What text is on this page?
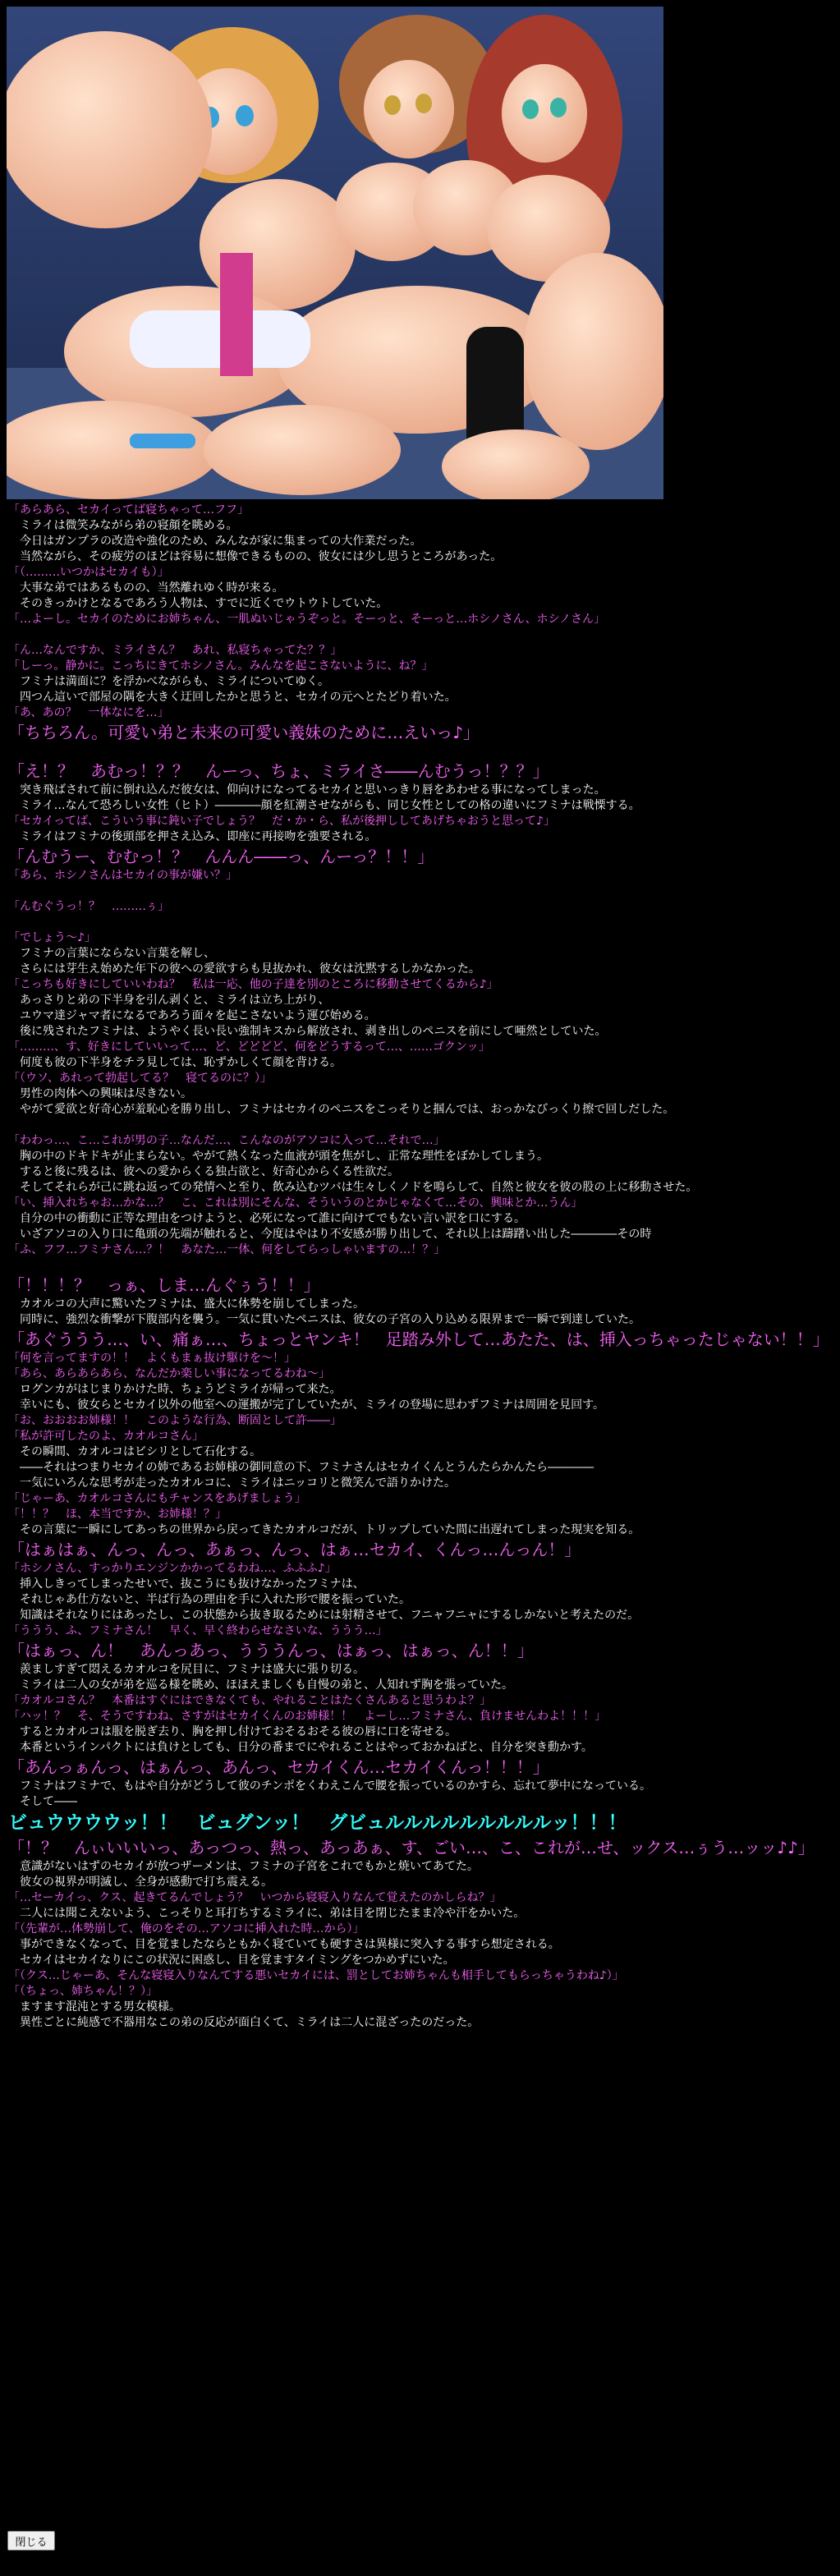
「あらあら、セカイってば寝ちゃって…フフ」
ミライは微笑みながら弟の寝顔を眺める。
今日はガンプラの改造や強化のため、みんなが家に集まっての大作業だった。
当然ながら、その疲労のほどは容易に想像できるものの、彼女には少し思うところがあった。
「（………いつかはセカイも）」
大事な弟ではあるものの、当然離れゆく時が来る。
そのきっかけとなるであろう人物は、すでに近くでウトウトしていた。
「…よーし。セカイのためにお姉ちゃん、一肌ぬいじゃうぞっと。そーっと、そーっと…ホシノさん、ホシノさん」
「ん…なんですか、ミライさん？　あれ、私寝ちゃってた？？」
「しーっ。静かに。こっちにきてホシノさん。みんなを起こさないように、ね？」
フミナは満面に？を浮かべながらも、ミライについてゆく。
四つん這いで部屋の隅を大きく迂回したかと思うと、セカイの元へとたどり着いた。
「あ、あの？　一体なにを…」
「ちちろん。可愛い弟と未来の可愛い義妹のために…えいっ♪」
「え！？　あむっ！？？　んーっ、ちょ、ミライさ――んむうっ！？？」
突き飛ばされて前に倒れ込んだ彼女は、仰向けになってるセカイと思いっきり唇をあわせる事になってしまった。
ミライ…なんて恐ろしい女性（ヒト）――――顔を紅潮させながらも、同じ女性としての格の違いにフミナは戦慄する。
「セカイってば、こういう事に鈍い子でしょう？　だ・か・ら、私が後押ししてあげちゃおうと思って♪」
ミライはフミナの後頭部を押さえ込み、即座に再接吻を強要される。
「んむうー、むむっ！？　んんん――っ、んーっ？！！」
「あら、ホシノさんはセカイの事が嫌い？」
「んむぐうっ！？　………ぅ」
「でしょう～♪」
フミナの言葉にならない言葉を解し、
さらには芽生え始めた年下の彼への愛欲すらも見抜かれ、彼女は沈黙するしかなかった。
「こっちも好きにしていいわね？　私は一応、他の子達を別のところに移動させてくるから♪」
あっさりと弟の下半身を引ん剥くと、ミライは立ち上がり、
ユウマ達ジャマ者になるであろう面々を起こさないよう運び始める。
後に残されたフミナは、ようやく長い長い強制キスから解放され、剥き出しのペニスを前にして唖然としていた。
「………、す、好きにしていいって…、ど、どどどど、何をどうするって…、……ゴクンッ」
何度も彼の下半身をチラ見しては、恥ずかしくて顔を背ける。
「（ウソ、あれって勃起してる？　寝てるのに？）」
男性の肉体への興味は尽きない。
やがて愛欲と好奇心が羞恥心を勝り出し、フミナはセカイのペニスをこっそりと掴んでは、おっかなびっくり擦で回しだした。
「わわっ…、こ…これが男の子…なんだ…、こんなのがアソコに入って…それで…」
胸の中のドキドキが止まらない。やがて熱くなった血液が頭を焦がし、正常な理性をぼかしてしまう。
すると後に残るは、彼への愛からくる独占欲と、好奇心からくる性欲だ。
そしてそれらが己に跳ね返っての発情へと至り、飲み込むツバは生々しくノドを鳴らして、自然と彼女を彼の股の上に移動させた。
「い、挿入れちゃお…かな…？　こ、これは別にそんな、そういうのとかじゃなくて…その、興味とか…うん」
自分の中の衝動に正等な理由をつけようと、必死になって誰に向けてでもない言い訳を口にする。
いざアソコの入り口に亀頭の先端が触れると、今度はやはり不安感が勝り出して、それ以上は躊躇い出した――――その時
「ふ、フフ…フミナさん…？！　あなた…一体、何をしてらっしゃいますの…！？」
「！！！？　っぁ、しま…んぐぅう！！」
カオルコの大声に驚いたフミナは、盛大に体勢を崩してしまった。
同時に、強烈な衝撃が下腹部内を襲う。一気に貫いたペニスは、彼女の子宮の入り込める限界まで一瞬で到達していた。
「あぐううう…、い、痛ぁ…、ちょっとヤンキ！　足踏み外して…あたた、は、挿入っちゃったじゃない！！」
「何を言ってますの！！　よくもまぁ抜け駆けを～！」
「あら、あらあらあら、なんだか楽しい事になってるわね～」
ログンカがはじまりかけた時、ちょうどミライが帰って来た。
幸いにも、彼女らとセカイ以外の他室への運搬が完了していたが、ミライの登場に思わずフミナは周囲を見回す。
「お、おおおお姉様！！　このような行為、断固として許――」
「私が許可したのよ、カオルコさん」
その瞬間、カオルコはビシリとして石化する。
――それはつまりセカイの姉であるお姉様の御同意の下、フミナさんはセカイくんとうんたらかんたら――――
一気にいろんな思考が走ったカオルコに、ミライはニッコリと微笑んで語りかけた。
「じゃーあ、カオルコさんにもチャンスをあげましょう」
「！！？　ほ、本当ですか、お姉様！？」
その言葉に一瞬にしてあっちの世界から戻ってきたカオルコだが、トリップしていた間に出遅れてしまった現実を知る。
「はぁはぁ、んっ、んっ、あぁっ、んっ、はぁ…セカイ、くんっ…んっん！」
「ホシノさん、すっかりエンジンかかってるわね…、ふふふ♪」
挿入しきってしまったせいで、抜こうにも抜けなかったフミナは、
それじゃあ仕方ないと、半ば行為の理由を手に入れた形で腰を振っていた。
知識はそれなりにはあったし、この状態から抜き取るためには射精させて、フニャフニャにするしかないと考えたのだ。
「ううう、ふ、フミナさん！　早く、早く終わらせなさいな、ううう…」
「はぁっ、ん！　あんっあっ、うううんっ、はぁっ、はぁっ、ん！！」
羨ましすぎて悶えるカオルコを尻目に、フミナは盛大に張り切る。
ミライは二人の女が弟を巡る様を眺め、ほほえましくも自慢の弟と、人知れず胸を張っていた。
「カオルコさん？　本番はすぐにはできなくても、やれることはたくさんあると思うわよ？」
「ハッ！？　そ、そうですわね、さすがはセカイくんのお姉様！！　よーし…フミナさん、負けませんわよ！！！」
するとカオルコは服を脱ぎ去り、胸を押し付けておそるおそる彼の唇に口を寄せる。
本番というインパクトには負けとしても、日分の番までにやれることはやっておかねばと、自分を突き動かす。
「あんっぁんっ、はぁんっ、あんっ、セカイくん…セカイくんっ！！！」
フミナはフミナで、もはや自分がどうして彼のチンポをくわえこんで腰を振っているのかすら、忘れて夢中になっている。
そして――
ビュウウウウッ！！　ビュグンッ！　グビュルルルルルルルルルッ！！！
「！？　んぃいいいっ、あっつっ、熱っ、あっあぁ、す、ごい…、こ、これが…せ、ックス…ぅう…ッッ♪♪」
意識がないはずのセカイが放つザーメンは、フミナの子宮をこれでもかと焼いてあてた。
彼女の視界が明滅し、全身が感動で打ち震える。
「…セーカイっ、クス、起きてるんでしょう？　いつから寝寝入りなんて覚えたのかしらね？」
二人には聞こえないよう、こっそりと耳打ちするミライに、弟は目を閉じたまま冷や汗をかいた。
「（先輩が…体勢崩して、俺のをその…アソコに挿入れた時…から）」
事ができなくなって、目を覚ましたならともかく寝ていても硬すさは異様に突入する事すら想定される。
セカイはセカイなりにこの状況に困惑し、目を覚ますタイミングをつかめずにいた。
「（クス…じゃーあ、そんな寝寝入りなんてする悪いセカイには、罰としてお姉ちゃんも相手してもらっちゃうわね♪）」
「（ちょっ、姉ちゃん！？）」
ますます混沌とする男女模様。
異性ごとに純感で不器用なこの弟の反応が面白くて、ミライは二人に混ざったのだった。
閉じる
